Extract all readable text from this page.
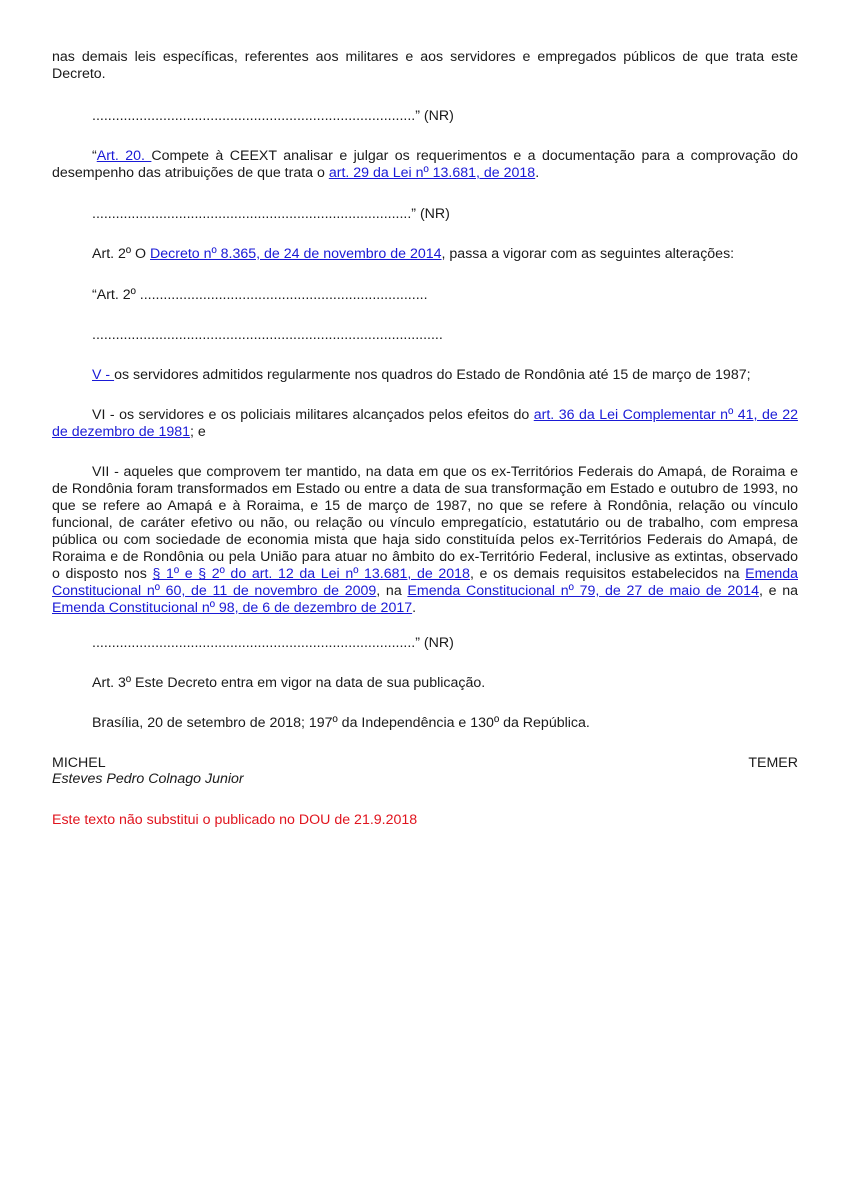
nas demais leis específicas, referentes aos militares e aos servidores e empregados públicos de que trata este Decreto.

..................................................................................” (NR)

“Art. 20. Compete à CEEXT analisar e julgar os requerimentos e a documentação para a comprovação do desempenho das atribuições de que trata o art. 29 da Lei nº 13.681, de 2018.

.................................................................................” (NR)

Art. 2º O Decreto nº 8.365, de 24 de novembro de 2014, passa a vigorar com as seguintes alterações:

“Art. 2º .........................................................................

.........................................................................................

V - os servidores admitidos regularmente nos quadros do Estado de Rondônia até 15 de março de 1987;

VI - os servidores e os policiais militares alcançados pelos efeitos do art. 36 da Lei Complementar nº 41, de 22 de dezembro de 1981; e

VII - aqueles que comprovem ter mantido, na data em que os ex-Territórios Federais do Amapá, de Roraima e de Rondônia foram transformados em Estado ou entre a data de sua transformação em Estado e outubro de 1993, no que se refere ao Amapá e à Roraima, e 15 de março de 1987, no que se refere à Rondônia, relação ou vínculo funcional, de caráter efetivo ou não, ou relação ou vínculo empregatício, estatutário ou de trabalho, com empresa pública ou com sociedade de economia mista que haja sido constituída pelos ex-Territórios Federais do Amapá, de Roraima e de Rondônia ou pela União para atuar no âmbito do ex-Território Federal, inclusive as extintas, observado o disposto nos § 1º e § 2º do art. 12 da Lei nº 13.681, de 2018, e os demais requisitos estabelecidos na Emenda Constitucional nº 60, de 11 de novembro de 2009, na Emenda Constitucional nº 79, de 27 de maio de 2014, e na Emenda Constitucional nº 98, de 6 de dezembro de 2017.

..................................................................................” (NR)

Art. 3º Este Decreto entra em vigor na data de sua publicação.

Brasília, 20 de setembro de 2018; 197º da Independência e 130º da República.

MICHEL	TEMER

Esteves Pedro Colnago Junior

Este texto não substitui o publicado no DOU de 21.9.2018
